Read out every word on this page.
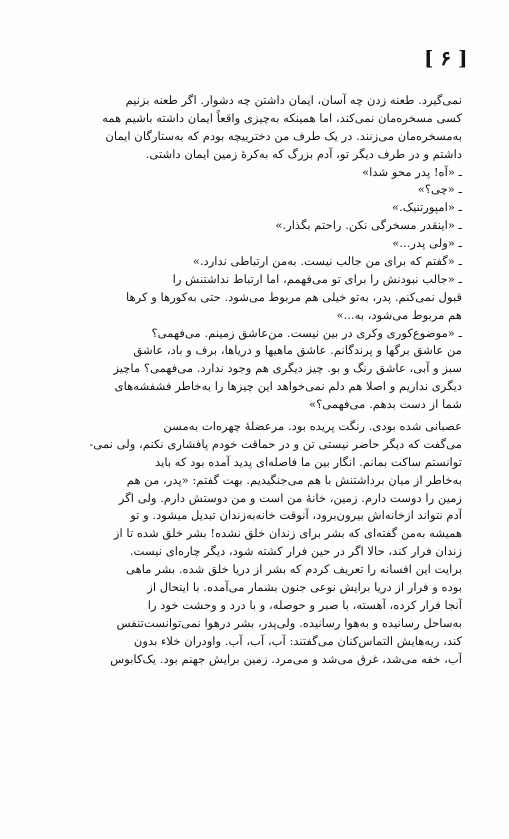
[ ۶ ]
نمی‌گیرد. طعنه زدن چه آسان، ایمان داشتن چه دشوار. اگر طعنه بزنیم
کسی مسخره‌مان نمی‌کند، اما همینکه به‌چیزی واقعاً ایمان داشته باشیم همه
به‌مسخره‌مان می‌زنند. در یک طرف من دخترییچه بودم که به‌ستارگان ایمان
داشتم و در طرف دیگر تو، آدم بزرگ که به‌کرهٔ زمین ایمان داشتی.
ـ «آه! پدر محو شدا»
ـ «چی؟»
ـ «امپورتنیک.»
ـ «اینقدر مسخرگی نکن. راحتم بگذار.»
ـ «ولی پدر...»
ـ «گفتم که برای من جالب نیست. به‌من ارتباطی ندارد.»
ـ «جالب نبودنش را برای تو می‌فهمم، اما ارتباط نداشتنش را
قبول نمی‌کنم. پدر، به‌تو خیلی هم مربوط می‌شود. حتی به‌کورها و کرها
هم مربوط می‌شود، به...»
ـ «موضوع‌کوری وکری در بین نیست. من‌عاشق زمینم. می‌فهمی؟
من عاشق برگها و پرندگانم. عاشق ماهیها و دریاها، برف و باد، عاشق
سبز و آبی، عاشق رنگ و بو. چیز دیگری هم وجود ندارد. می‌فهمی؟ ماچیز
دیگری نداریم و اصلا هم دلم نمی‌خواهد این چیزها را به‌خاطر فشفشه‌های
شما از دست بدهم. می‌فهمی؟»
عصبانی شده بودی. رنگت پریده بود. مرعضلهٔ چهره‌ات به‌مسن
می‌گفت که دیگر حاضر نیستی تن و در حماقت خودم پافشاری نکنم، ولی نمی-
توانستم ساکت بمانم. انگار بین ما فاصله‌ای پدید آمده بود که باید
به‌خاطر از میان برداشتنش با هم می‌جنگیدیم. بهت گفتم: «پدر، من هم
زمین را دوست دارم. زمین، خانهٔ من است و من دوستش دارم. ولی اگر
آدم نتواند ازخانه‌اش بیرون‌برود، آنوقت خانه‌به‌زندان تبدیل میشود. و تو
همیشه به‌من گفته‌ای که بشر برای زندان خلق نشده! بشر خلق شده تا از
زندان فرار کند، حالا اگر در حین فرار کشته شود، دیگر چاره‌ای نیست.
برایت این افسانه را تعریف کردم که بشر از دریا خلق شده. بشر ماهی
بوده و فرار از دریا برایش نوعی جنون بشمار می‌آمده. با اینحال از
آنجا فرار کرده، آهسته، با صبر و حوصله، و با درد و وحشت خود را
به‌ساحل رسانیده و به‌هوا رسانیده. ولی‌پدر، بشر درهوا نمی‌توانست‌تنفس
کند، ریه‌هایش التماس‌کنان می‌گفتند: آب، آب، آب. واودران خلاء بدون
آب، خفه می‌شد، غرق می‌شد و می‌مرد. زمین برایش جهنم بود. یک‌کابوس
